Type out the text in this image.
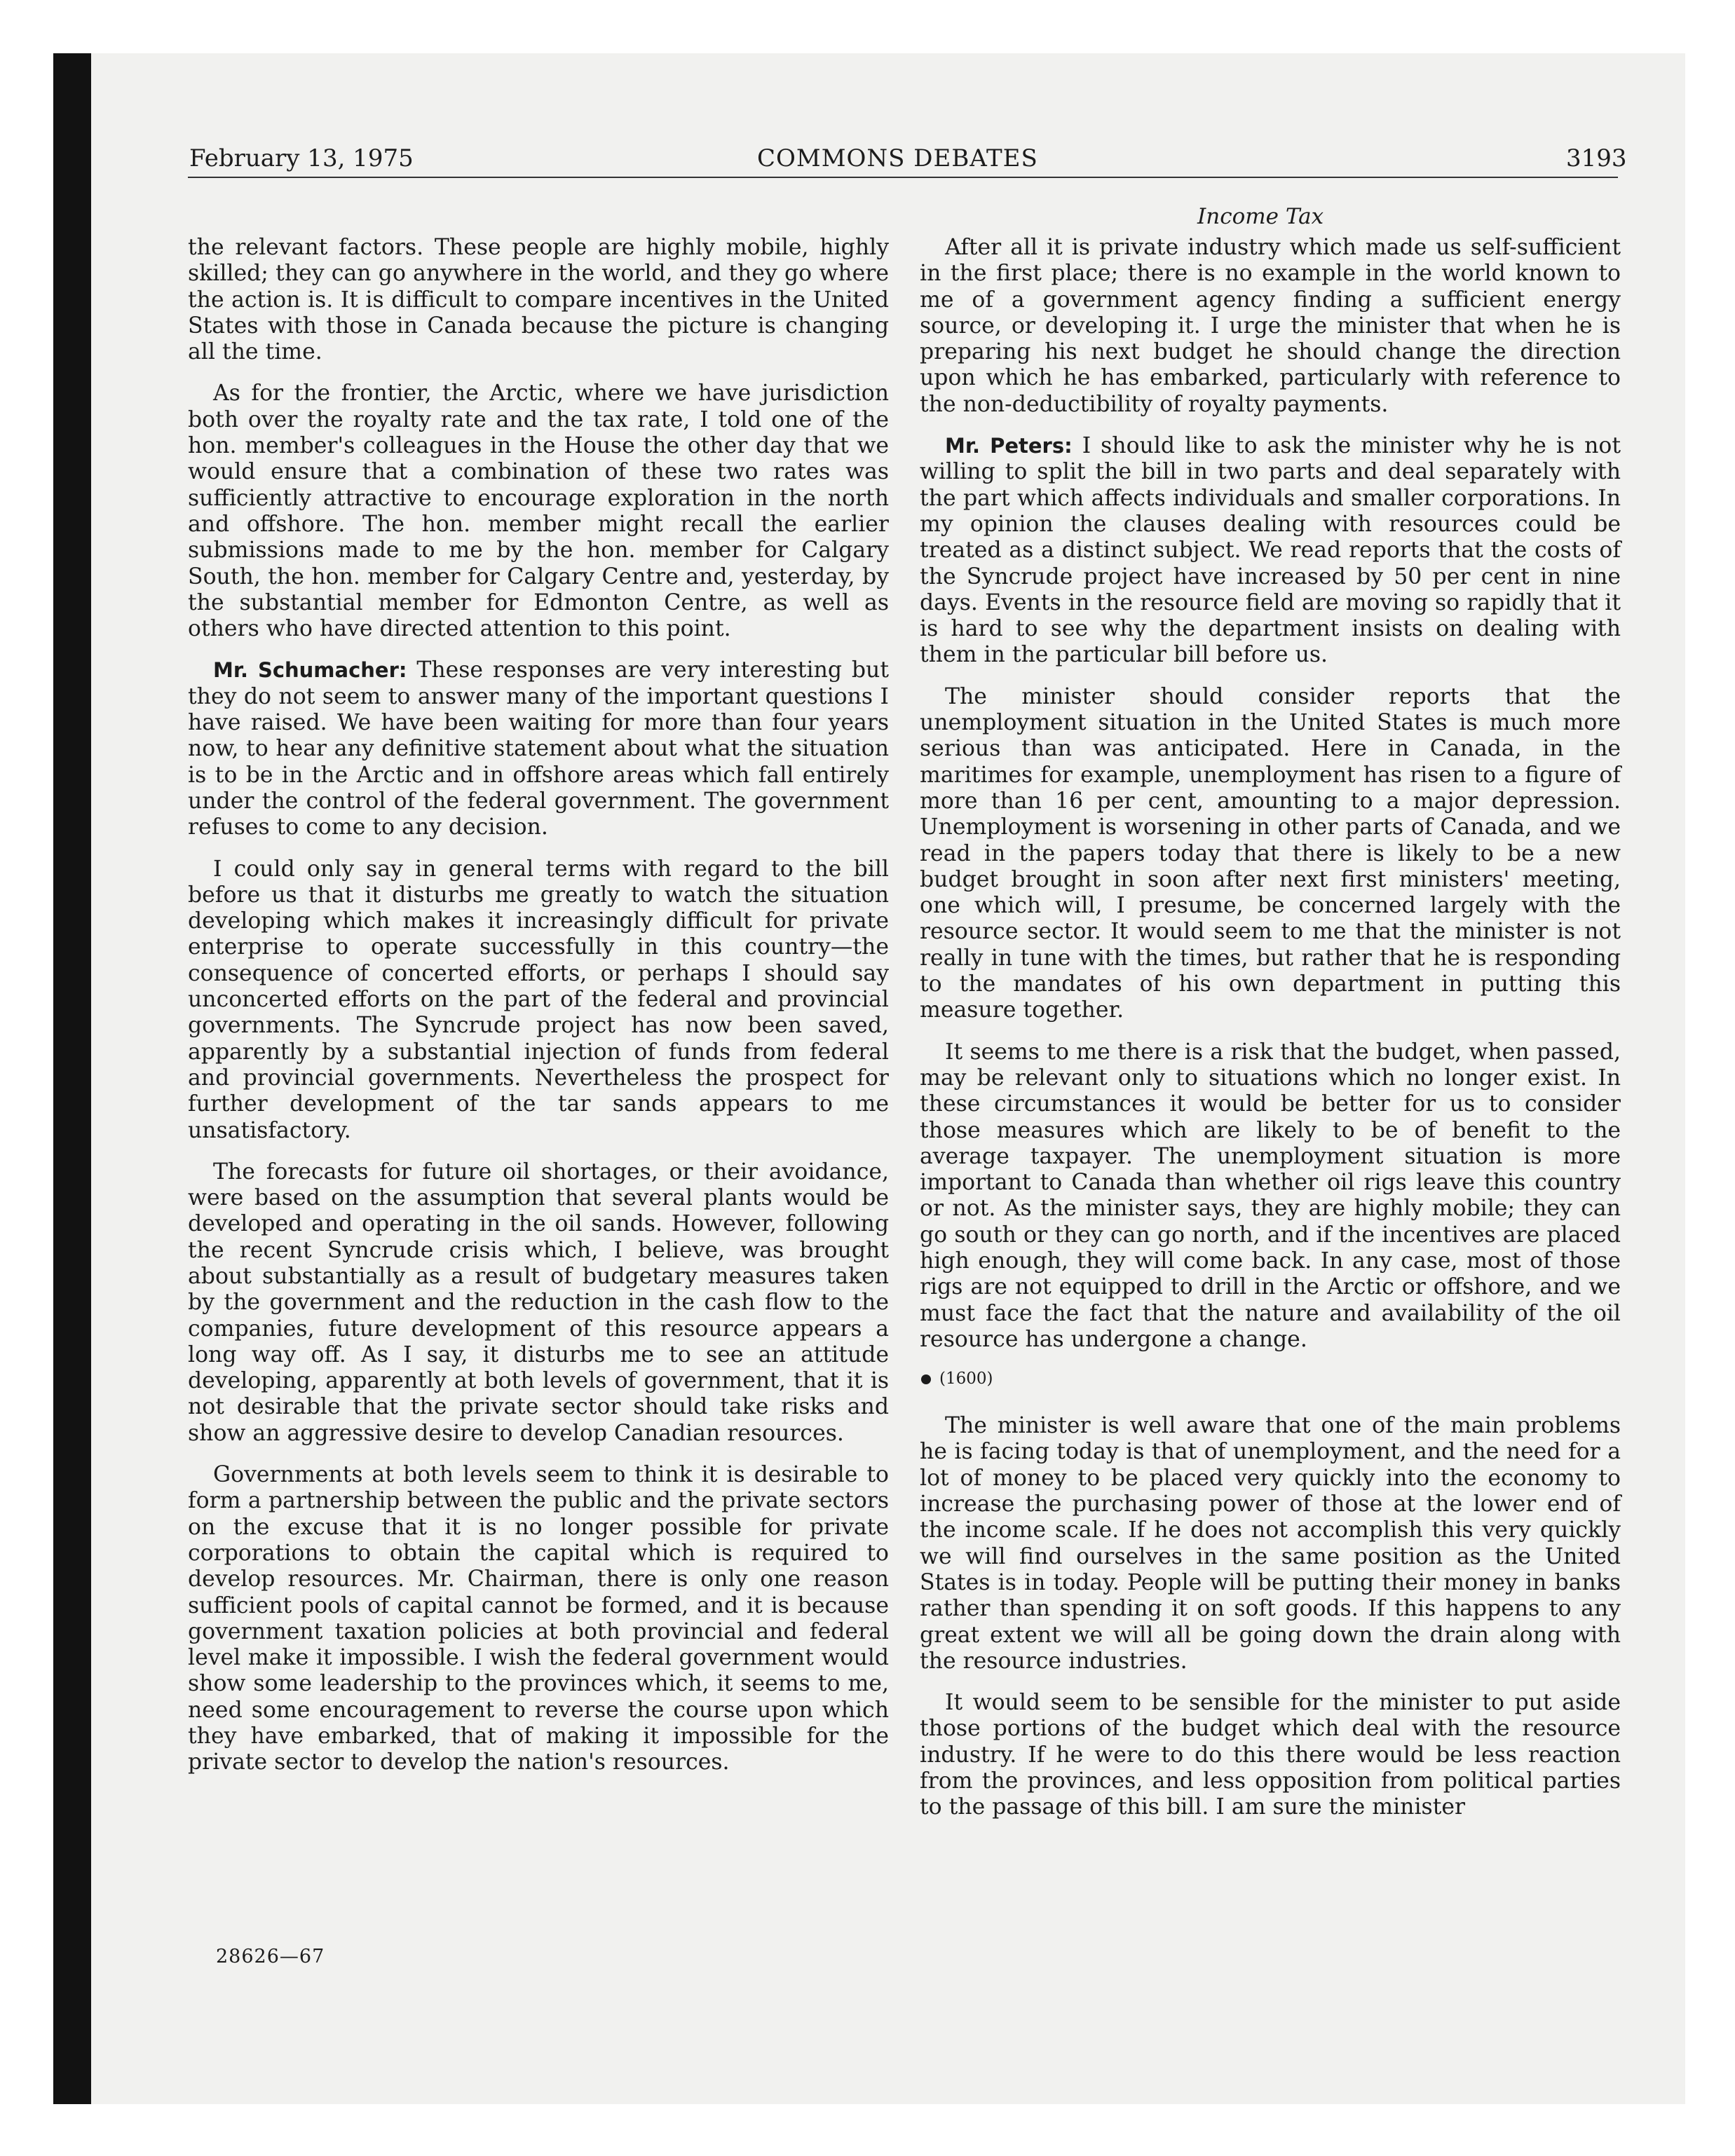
February 13, 1975	COMMONS DEBATES	3193
Income Tax

the relevant factors. These people are highly mobile, highly skilled; they can go anywhere in the world, and they go where the action is. It is difficult to compare incentives in the United States with those in Canada because the picture is changing all the time.

As for the frontier, the Arctic, where we have jurisdiction both over the royalty rate and the tax rate, I told one of the hon. member's colleagues in the House the other day that we would ensure that a combination of these two rates was sufficiently attractive to encourage exploration in the north and offshore. The hon. member might recall the earlier submissions made to me by the hon. member for Calgary South, the hon. member for Calgary Centre and, yesterday, by the substantial member for Edmonton Centre, as well as others who have directed attention to this point.

Mr. Schumacher: These responses are very interesting but they do not seem to answer many of the important questions I have raised. We have been waiting for more than four years now, to hear any definitive statement about what the situation is to be in the Arctic and in offshore areas which fall entirely under the control of the federal government. The government refuses to come to any decision.

I could only say in general terms with regard to the bill before us that it disturbs me greatly to watch the situation developing which makes it increasingly difficult for private enterprise to operate successfully in this country—the consequence of concerted efforts, or perhaps I should say unconcerted efforts on the part of the federal and provincial governments. The Syncrude project has now been saved, apparently by a substantial injection of funds from federal and provincial governments. Nevertheless the prospect for further development of the tar sands appears to me unsatisfactory.

The forecasts for future oil shortages, or their avoidance, were based on the assumption that several plants would be developed and operating in the oil sands. However, following the recent Syncrude crisis which, I believe, was brought about substantially as a result of budgetary measures taken by the government and the reduction in the cash flow to the companies, future development of this resource appears a long way off. As I say, it disturbs me to see an attitude developing, apparently at both levels of government, that it is not desirable that the private sector should take risks and show an aggressive desire to develop Canadian resources.

Governments at both levels seem to think it is desirable to form a partnership between the public and the private sectors on the excuse that it is no longer possible for private corporations to obtain the capital which is required to develop resources. Mr. Chairman, there is only one reason sufficient pools of capital cannot be formed, and it is because government taxation policies at both provincial and federal level make it impossible. I wish the federal government would show some leadership to the provinces which, it seems to me, need some encouragement to reverse the course upon which they have embarked, that of making it impossible for the private sector to develop the nation's resources.

After all it is private industry which made us self-sufficient in the first place; there is no example in the world known to me of a government agency finding a sufficient energy source, or developing it. I urge the minister that when he is preparing his next budget he should change the direction upon which he has embarked, particularly with reference to the non-deductibility of royalty payments.

Mr. Peters: I should like to ask the minister why he is not willing to split the bill in two parts and deal separately with the part which affects individuals and smaller corporations. In my opinion the clauses dealing with resources could be treated as a distinct subject. We read reports that the costs of the Syncrude project have increased by 50 per cent in nine days. Events in the resource field are moving so rapidly that it is hard to see why the department insists on dealing with them in the particular bill before us.

The minister should consider reports that the unemployment situation in the United States is much more serious than was anticipated. Here in Canada, in the maritimes for example, unemployment has risen to a figure of more than 16 per cent, amounting to a major depression. Unemployment is worsening in other parts of Canada, and we read in the papers today that there is likely to be a new budget brought in soon after next first ministers' meeting, one which will, I presume, be concerned largely with the resource sector. It would seem to me that the minister is not really in tune with the times, but rather that he is responding to the mandates of his own department in putting this measure together.

It seems to me there is a risk that the budget, when passed, may be relevant only to situations which no longer exist. In these circumstances it would be better for us to consider those measures which are likely to be of benefit to the average taxpayer. The unemployment situation is more important to Canada than whether oil rigs leave this country or not. As the minister says, they are highly mobile; they can go south or they can go north, and if the incentives are placed high enough, they will come back. In any case, most of those rigs are not equipped to drill in the Arctic or offshore, and we must face the fact that the nature and availability of the oil resource has undergone a change.

(1600)

The minister is well aware that one of the main problems he is facing today is that of unemployment, and the need for a lot of money to be placed very quickly into the economy to increase the purchasing power of those at the lower end of the income scale. If he does not accomplish this very quickly we will find ourselves in the same position as the United States is in today. People will be putting their money in banks rather than spending it on soft goods. If this happens to any great extent we will all be going down the drain along with the resource industries.

It would seem to be sensible for the minister to put aside those portions of the budget which deal with the resource industry. If he were to do this there would be less reaction from the provinces, and less opposition from political parties to the passage of this bill. I am sure the minister

28626—67
